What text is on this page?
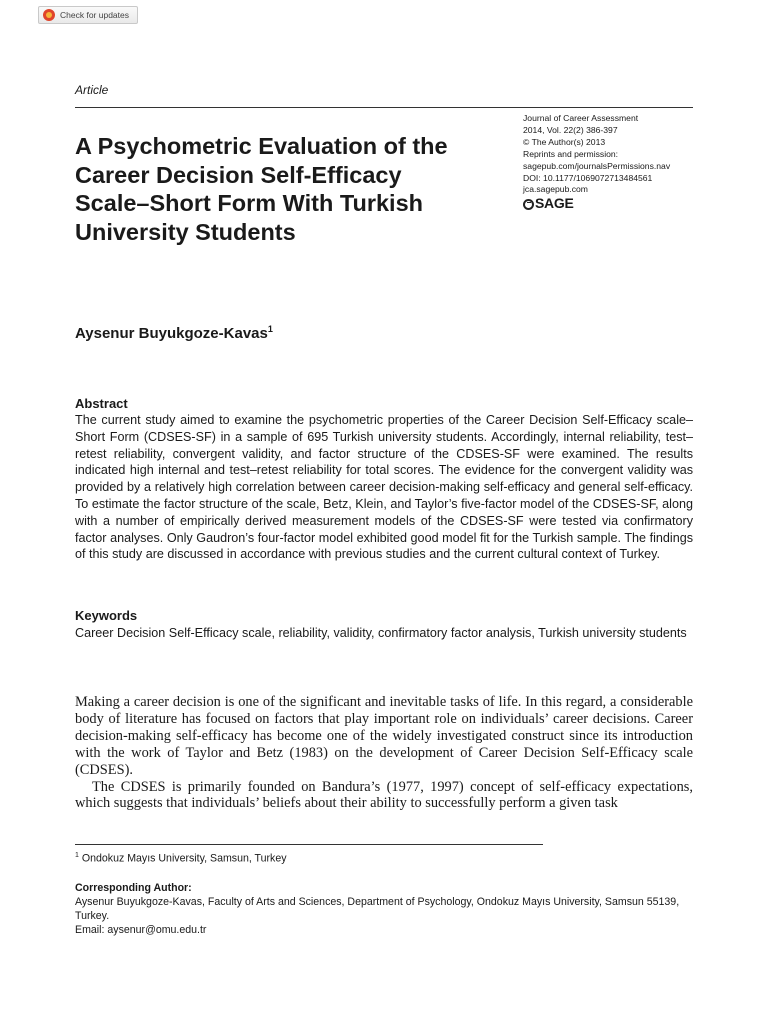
Check for updates
Article
A Psychometric Evaluation of the Career Decision Self-Efficacy Scale–Short Form With Turkish University Students
Journal of Career Assessment
2014, Vol. 22(2) 386-397
© The Author(s) 2013
Reprints and permission:
sagepub.com/journalsPermissions.nav
DOI: 10.1177/1069072713484561
jca.sagepub.com
SAGE
Aysenur Buyukgoze-Kavas$^1$
Abstract

The current study aimed to examine the psychometric properties of the Career Decision Self-Efficacy scale–Short Form (CDSES-SF) in a sample of 695 Turkish university students. Accordingly, internal reliability, test–retest reliability, convergent validity, and factor structure of the CDSES-SF were examined. The results indicated high internal and test–retest reliability for total scores. The evidence for the convergent validity was provided by a relatively high correlation between career decision-making self-efficacy and general self-efficacy. To estimate the factor structure of the scale, Betz, Klein, and Taylor’s five-factor model of the CDSES-SF, along with a number of empirically derived measurement models of the CDSES-SF were tested via confirmatory factor analyses. Only Gaudron’s four-factor model exhibited good model fit for the Turkish sample. The findings of this study are discussed in accordance with previous studies and the current cultural context of Turkey.

Keywords

Career Decision Self-Efficacy scale, reliability, validity, confirmatory factor analysis, Turkish university students

Making a career decision is one of the significant and inevitable tasks of life. In this regard, a considerable body of literature has focused on factors that play important role on individuals’ career decisions. Career decision-making self-efficacy has become one of the widely investigated construct since its introduction with the work of Taylor and Betz (1983) on the development of Career Decision Self-Efficacy scale (CDSES).

The CDSES is primarily founded on Bandura’s (1977, 1997) concept of self-efficacy expectations, which suggests that individuals’ beliefs about their ability to successfully perform a given task

$^1$ Ondokuz Mayıs University, Samsun, Turkey
Corresponding Author:
Aysenur Buyukgoze-Kavas, Faculty of Arts and Sciences, Department of Psychology, Ondokuz Mayıs University, Samsun 55139, Turkey.
Email: aysenur@omu.edu.tr
